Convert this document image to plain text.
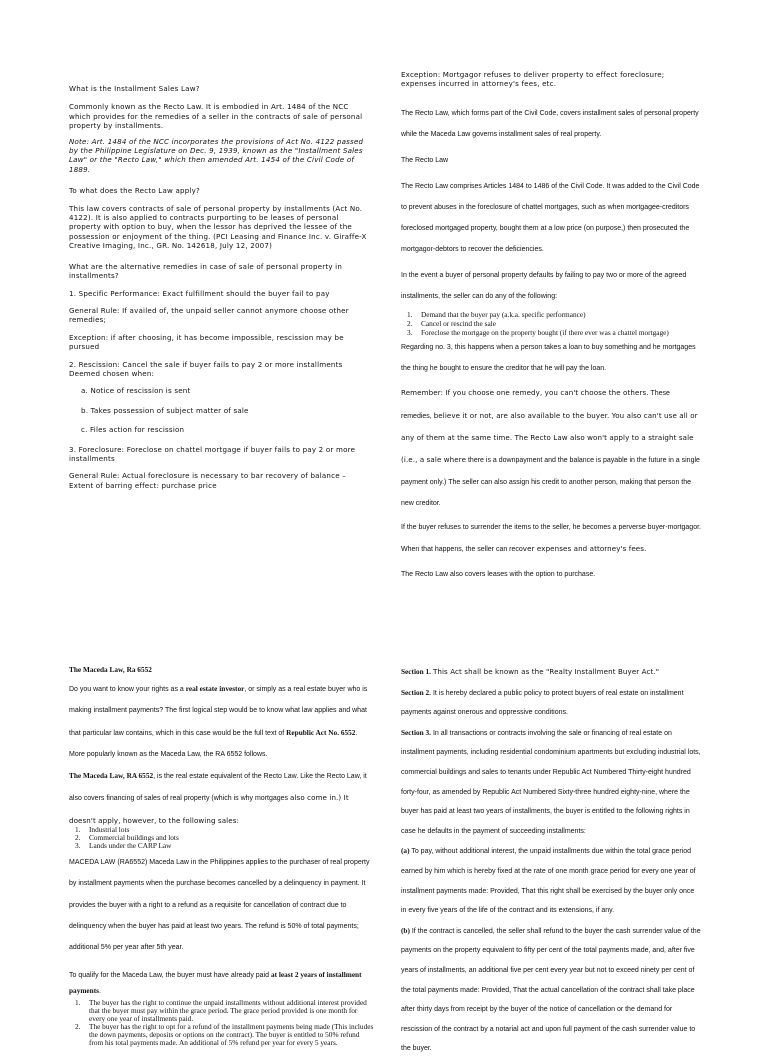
What is the Installment Sales Law?

Commonly known as the Recto Law. It is embodied in Art. 1484 of the NCC which provides for the remedies of a seller in the contracts of sale of personal property by installments.

Note: Art. 1484 of the NCC incorporates the provisions of Act No. 4122 passed by the Philippine Legislature on Dec. 9, 1939, known as the "Installment Sales Law" or the "Recto Law," which then amended Art. 1454 of the Civil Code of 1889.

To what does the Recto Law apply?

This law covers contracts of sale of personal property by installments (Act No. 4122). It is also applied to contracts purporting to be leases of personal property with option to buy, when the lessor has deprived the lessee of the possession or enjoyment of the thing. (PCI Leasing and Finance Inc. v. Giraffe-X Creative Imaging, Inc., GR. No. 142618, July 12, 2007)

What are the alternative remedies in case of sale of personal property in installments?

1. Specific Performance: Exact fulfillment should the buyer fail to pay

General Rule: If availed of, the unpaid seller cannot anymore choose other remedies;

Exception: if after choosing, it has become impossible, rescission may be pursued

2. Rescission: Cancel the sale if buyer fails to pay 2 or more installments Deemed chosen when:

a. Notice of rescission is sent

b. Takes possession of subject matter of sale

c. Files action for rescission

3. Foreclosure: Foreclose on chattel mortgage if buyer fails to pay 2 or more installments

General Rule: Actual foreclosure is necessary to bar recovery of balance – Extent of barring effect: purchase price

Exception: Mortgagor refuses to deliver property to effect foreclosure; expenses incurred in attorney's fees, etc.

The Recto Law, which forms part of the Civil Code, covers installment sales of personal property while the Maceda Law governs installment sales of real property.

The Recto Law

The Recto Law comprises Articles 1484 to 1486 of the Civil Code. It was added to the Civil Code to prevent abuses in the foreclosure of chattel mortgages, such as when mortgagee-creditors foreclosed mortgaged property, bought them at a low price (on purpose,) then prosecuted the mortgagor-debtors to recover the deficiencies.

In the event a buyer of personal property defaults by failing to pay two or more of the agreed installments, the seller can do any of the following:

1. Demand that the buyer pay (a.k.a. specific performance)
2. Cancel or rescind the sale
3. Foreclose the mortgage on the property bought (if there ever was a chattel mortgage)

Regarding no. 3, this happens when a person takes a loan to buy something and he mortgages the thing he bought to ensure the creditor that he will pay the loan.

Remember: If you choose one remedy, you can't choose the others. These remedies, believe it or not, are also available to the buyer. You also can't use all or any of them at the same time. The Recto Law also won't apply to a straight sale (i.e., a sale where there is a downpayment and the balance is payable in the future in a single payment only.) The seller can also assign his credit to another person, making that person the new creditor.

If the buyer refuses to surrender the items to the seller, he becomes a perverse buyer-mortgagor. When that happens, the seller can recover expenses and attorney's fees.

The Recto Law also covers leases with the option to purchase.

The Maceda Law, Ra 6552

Do you want to know your rights as a real estate investor, or simply as a real estate buyer who is making installment payments? The first logical step would be to know what law applies and what that particular law contains, which in this case would be the full text of Republic Act No. 6552. More popularly known as the Maceda Law, the RA 6552 follows.

The Maceda Law, RA 6552, is the real estate equivalent of the Recto Law. Like the Recto Law, it also covers financing of sales of real property (which is why mortgages also come in.) It doesn't apply, however, to the following sales:

1. Industrial lots
2. Commercial buildings and lots
3. Lands under the CARP Law

MACEDA LAW (RA6552) Maceda Law in the Philippines applies to the purchaser of real property by installment payments when the purchase becomes cancelled by a delinquency in payment. It provides the buyer with a right to a refund as a requisite for cancellation of contract due to delinquency when the buyer has paid at least two years. The refund is 50% of total payments; additional 5% per year after 5th year.

To qualify for the Maceda Law, the buyer must have already paid at least 2 years of installment payments.

1. The buyer has the right to continue the unpaid installments without additional interest provided that the buyer must pay within the grace period. The grace period provided is one month for every one year of installments paid.
2. The buyer has the right to opt for a refund of the installment payments being made (This includes the down payments, deposits or options on the contract). The buyer is entitled to 50% refund from his total payments made. An additional of 5% refund per year for every 5 years.

Section 1. This Act shall be known as the "Realty Installment Buyer Act."

Section 2. It is hereby declared a public policy to protect buyers of real estate on installment payments against onerous and oppressive conditions.

Section 3. In all transactions or contracts involving the sale or financing of real estate on installment payments, including residential condominium apartments but excluding industrial lots, commercial buildings and sales to tenants under Republic Act Numbered Thirty-eight hundred forty-four, as amended by Republic Act Numbered Sixty-three hundred eighty-nine, where the buyer has paid at least two years of installments, the buyer is entitled to the following rights in case he defaults in the payment of succeeding installments:

(a) To pay, without additional interest, the unpaid installments due within the total grace period earned by him which is hereby fixed at the rate of one month grace period for every one year of installment payments made: Provided, That this right shall be exercised by the buyer only once in every five years of the life of the contract and its extensions, if any.

(b) If the contract is cancelled, the seller shall refund to the buyer the cash surrender value of the payments on the property equivalent to fifty per cent of the total payments made, and, after five years of installments, an additional five per cent every year but not to exceed ninety per cent of the total payments made: Provided, That the actual cancellation of the contract shall take place after thirty days from receipt by the buyer of the notice of cancellation or the demand for rescission of the contract by a notarial act and upon full payment of the cash surrender value to the buyer.
